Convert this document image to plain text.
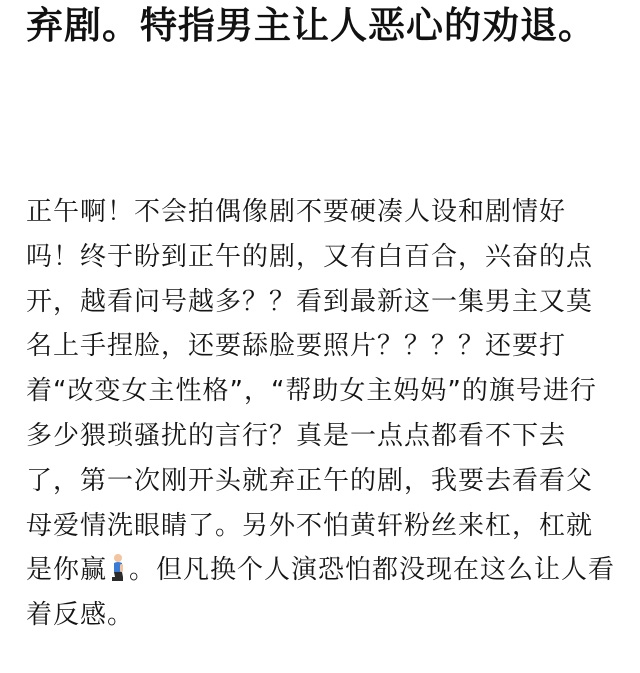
弃剧。特指男主让人恶心的劝退。

正午啊！不会拍偶像剧不要硬凑人设和剧情好吗！终于盼到正午的剧，又有白百合，兴奋的点开，越看问号越多？？看到最新这一集男主又莫名上手捏脸，还要舔脸要照片？？？？还要打着“改变女主性格”，“帮助女主妈妈”的旗号进行多少猥琐骚扰的言行？真是一点点都看不下去了，第一次刚开头就弃正午的剧，我要去看看父母爱情洗眼睛了。另外不怕黄轩粉丝来杠，杠就是你赢 。但凡换个人演恐怕都没现在这么让人看着反感。
